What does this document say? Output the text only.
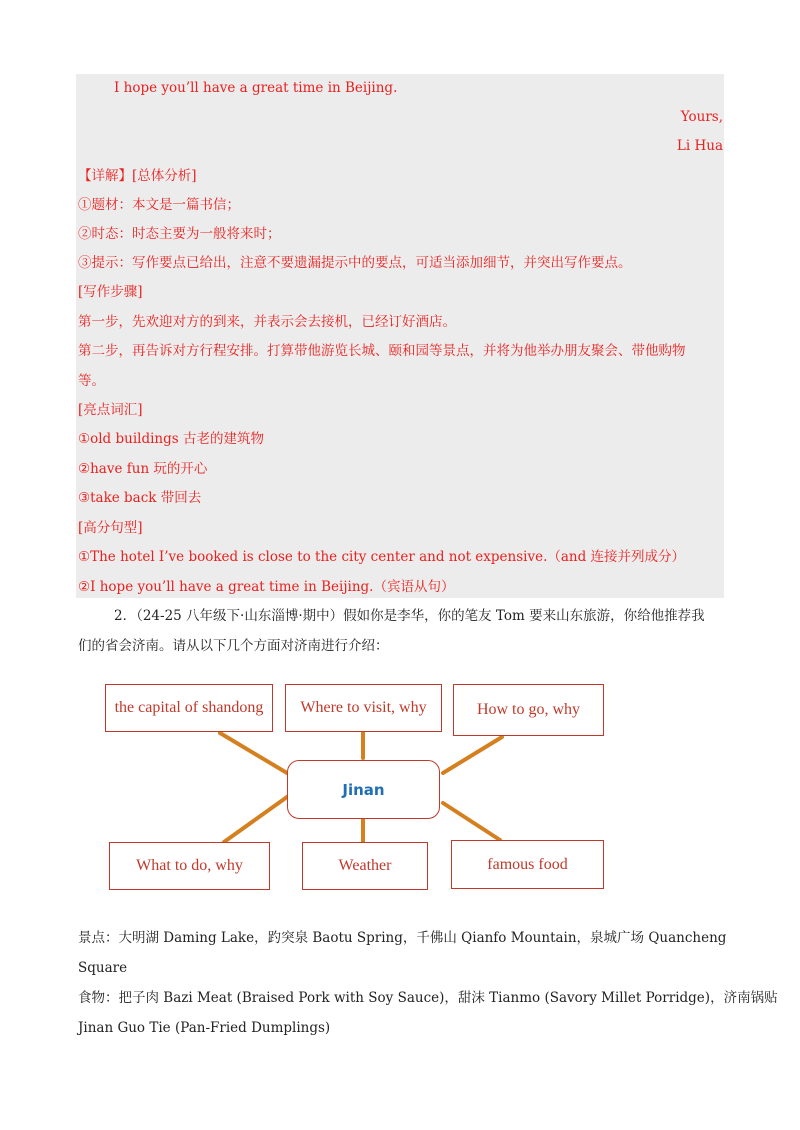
I hope you’ll have a great time in Beijing.
Yours,
Li Hua
【详解】[总体分析]
①题材：本文是一篇书信；
②时态：时态主要为一般将来时；
③提示：写作要点已给出，注意不要遗漏提示中的要点，可适当添加细节，并突出写作要点。
[写作步骤]
第一步，先欢迎对方的到来，并表示会去接机，已经订好酒店。
第二步，再告诉对方行程安排。打算带他游览长城、颐和园等景点，并将为他举办朋友聚会、带他购物
等。
[亮点词汇]
①old buildings 古老的建筑物
②have fun 玩的开心
③take back 带回去
[高分句型]
①The hotel I’ve booked is close to the city center and not expensive.（and 连接并列成分）
②I hope you’ll have a great time in Beijing.（宾语从句）
2．（24-25 八年级下·山东淄博·期中）假如你是李华，你的笔友 Tom 要来山东旅游，你给他推荐我
们的省会济南。请从以下几个方面对济南进行介绍：
the capital of shandong	Where to visit, why	How to go, why
Jinan
What to do, why	Weather	famous food
景点：大明湖 Daming Lake，趵突泉 Baotu Spring，千佛山 Qianfo Mountain，泉城广场 Quancheng
Square
食物：把子肉 Bazi Meat (Braised Pork with Soy Sauce)，甜沫 Tianmo (Savory Millet Porridge)，济南锅贴
Jinan Guo Tie (Pan-Fried Dumplings)
